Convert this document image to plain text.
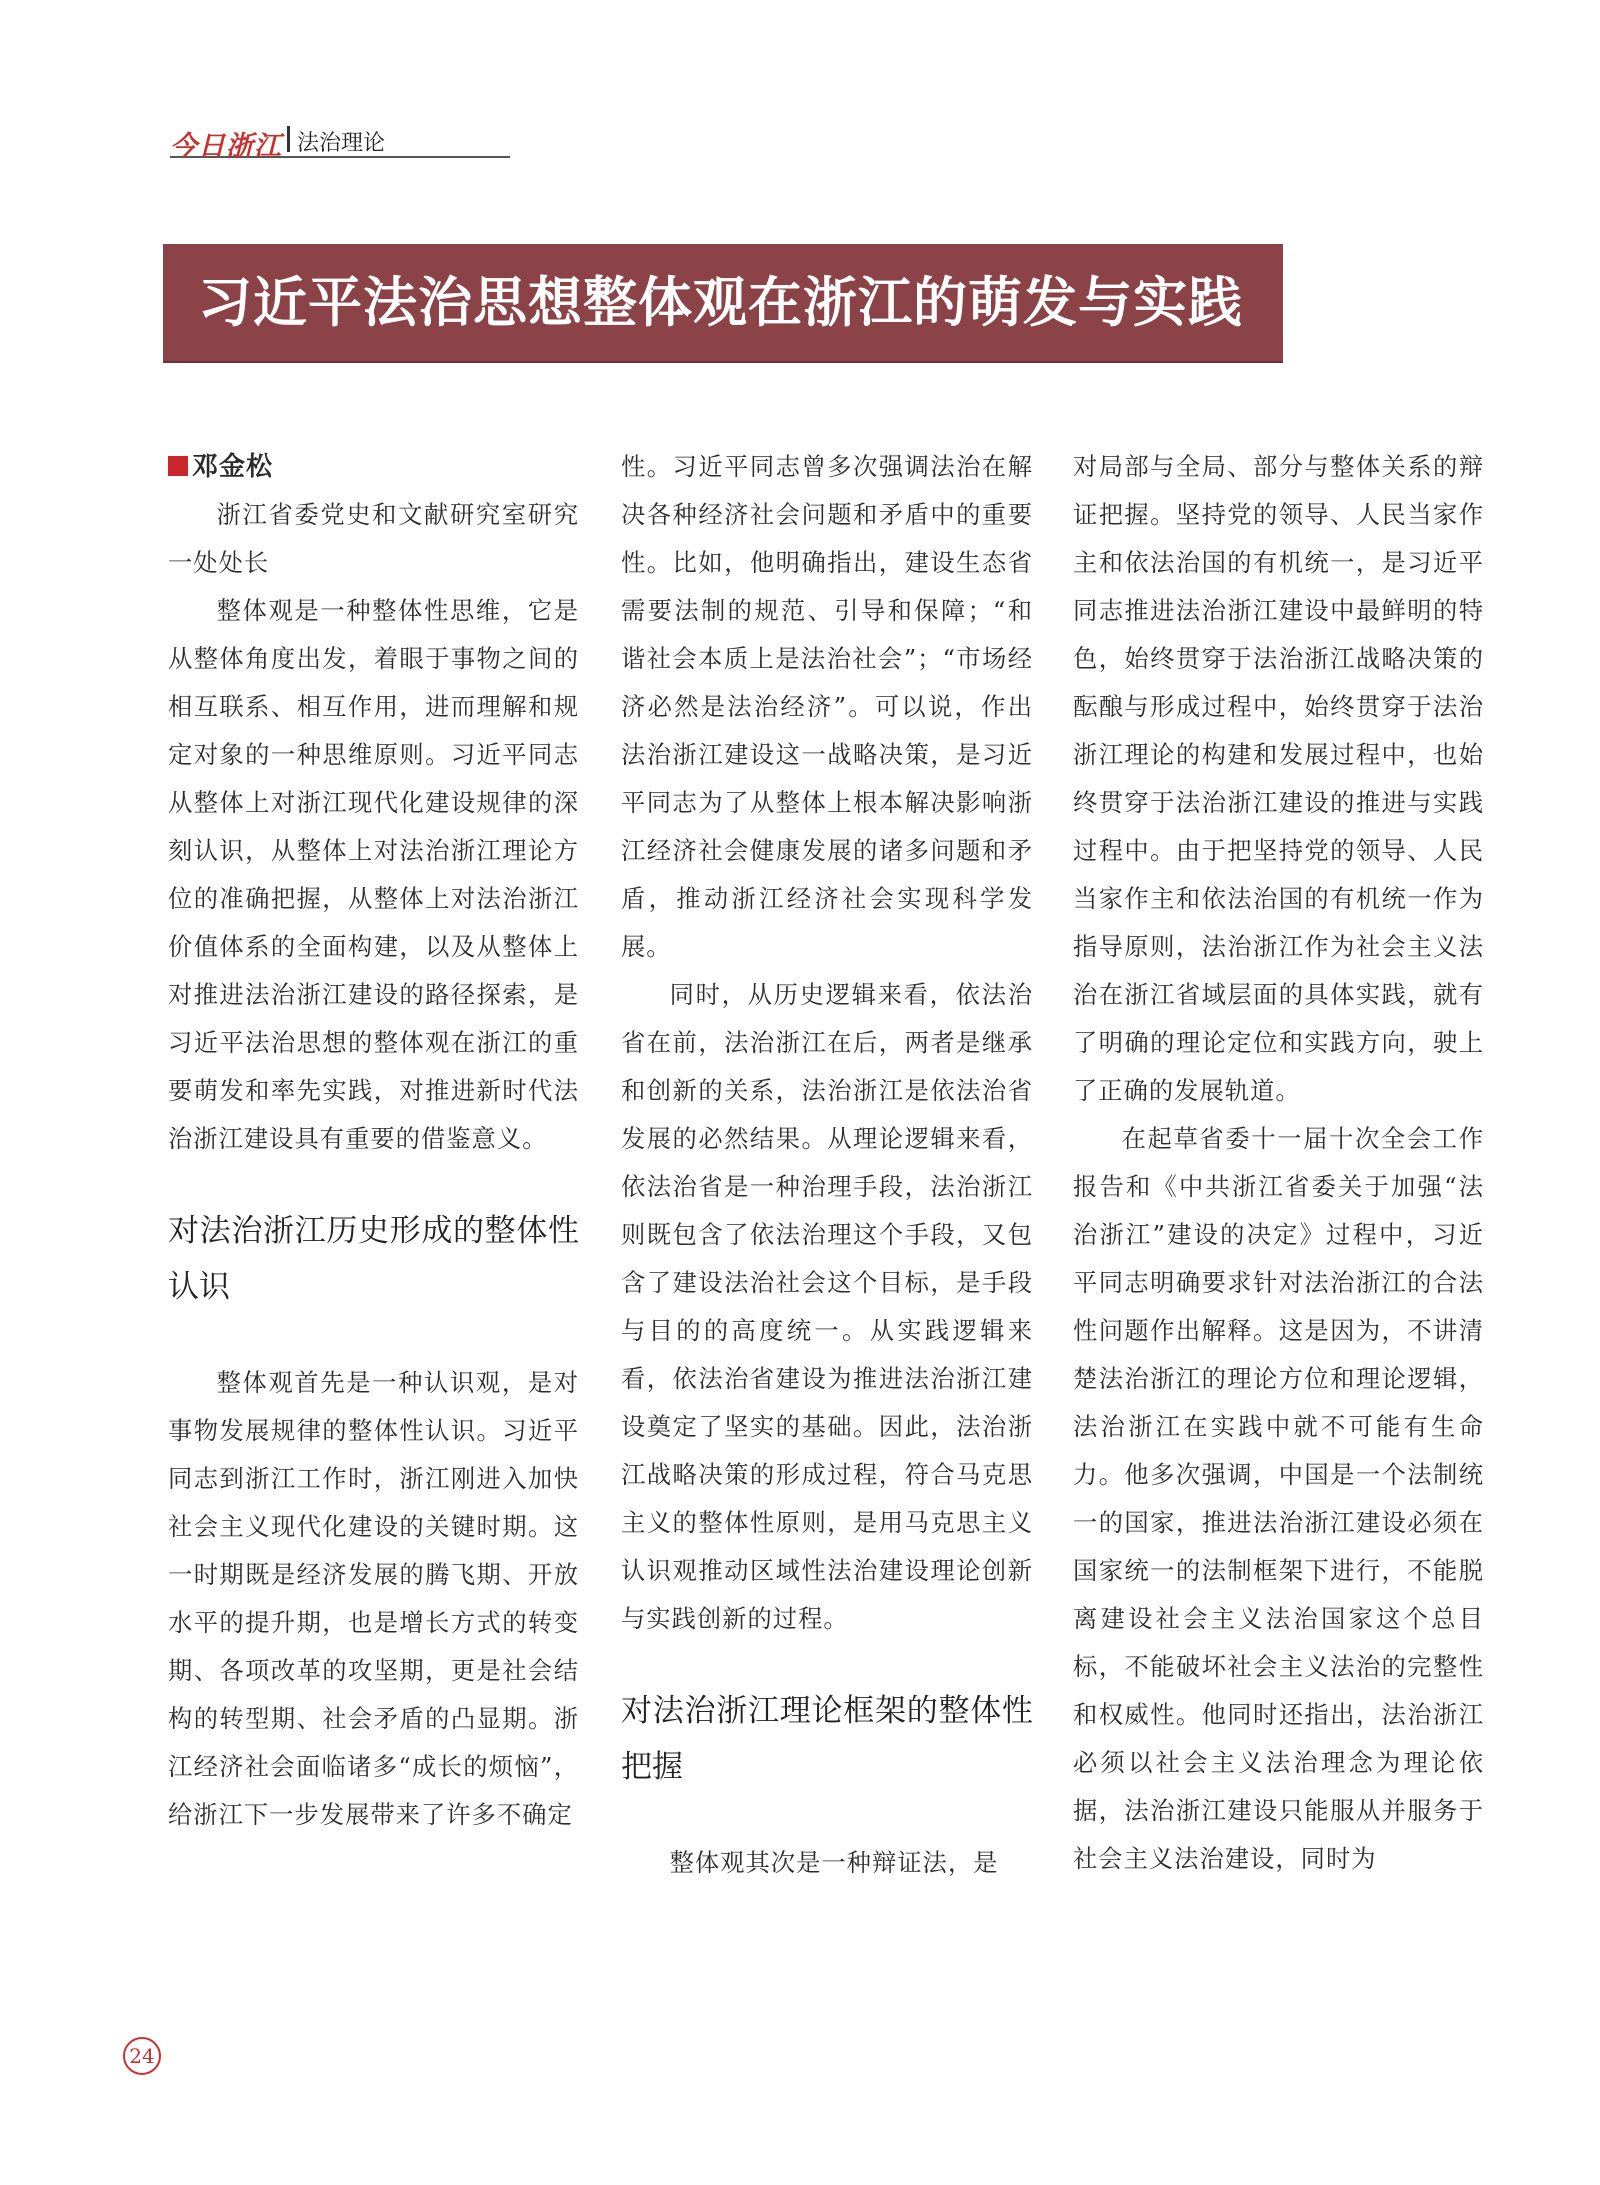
今日浙江 法治理论
习近平法治思想整体观在浙江的萌发与实践
邓金松

浙江省委党史和文献研究室研究一处处长

整体观是一种整体性思维，它是从整体角度出发，着眼于事物之间的相互联系、相互作用，进而理解和规定对象的一种思维原则。习近平同志从整体上对浙江现代化建设规律的深刻认识，从整体上对法治浙江理论方位的准确把握，从整体上对法治浙江价值体系的全面构建，以及从整体上对推进法治浙江建设的路径探索，是习近平法治思想的整体观在浙江的重要萌发和率先实践，对推进新时代法治浙江建设具有重要的借鉴意义。

对法治浙江历史形成的整体性认识

整体观首先是一种认识观，是对事物发展规律的整体性认识。习近平同志到浙江工作时，浙江刚进入加快社会主义现代化建设的关键时期。这一时期既是经济发展的腾飞期、开放水平的提升期，也是增长方式的转变期、各项改革的攻坚期，更是社会结构的转型期、社会矛盾的凸显期。浙江经济社会面临诸多“成长的烦恼”，给浙江下一步发展带来了许多不确定

性。习近平同志曾多次强调法治在解决各种经济社会问题和矛盾中的重要性。比如，他明确指出，建设生态省需要法制的规范、引导和保障；“和谐社会本质上是法治社会”；“市场经济必然是法治经济”。可以说，作出法治浙江建设这一战略决策，是习近平同志为了从整体上根本解决影响浙江经济社会健康发展的诸多问题和矛盾，推动浙江经济社会实现科学发展。

同时，从历史逻辑来看，依法治省在前，法治浙江在后，两者是继承和创新的关系，法治浙江是依法治省发展的必然结果。从理论逻辑来看，依法治省是一种治理手段，法治浙江则既包含了依法治理这个手段，又包含了建设法治社会这个目标，是手段与目的的高度统一。从实践逻辑来看，依法治省建设为推进法治浙江建设奠定了坚实的基础。因此，法治浙江战略决策的形成过程，符合马克思主义的整体性原则，是用马克思主义认识观推动区域性法治建设理论创新与实践创新的过程。

对法治浙江理论框架的整体性把握

整体观其次是一种辩证法，是

对局部与全局、部分与整体关系的辩证把握。坚持党的领导、人民当家作主和依法治国的有机统一，是习近平同志推进法治浙江建设中最鲜明的特色，始终贯穿于法治浙江战略决策的酝酿与形成过程中，始终贯穿于法治浙江理论的构建和发展过程中，也始终贯穿于法治浙江建设的推进与实践过程中。由于把坚持党的领导、人民当家作主和依法治国的有机统一作为指导原则，法治浙江作为社会主义法治在浙江省域层面的具体实践，就有了明确的理论定位和实践方向，驶上了正确的发展轨道。

在起草省委十一届十次全会工作报告和《中共浙江省委关于加强“法治浙江”建设的决定》过程中，习近平同志明确要求针对法治浙江的合法性问题作出解释。这是因为，不讲清楚法治浙江的理论方位和理论逻辑，法治浙江在实践中就不可能有生命力。他多次强调，中国是一个法制统一的国家，推进法治浙江建设必须在国家统一的法制框架下进行，不能脱离建设社会主义法治国家这个总目标，不能破坏社会主义法治的完整性和权威性。他同时还指出，法治浙江必须以社会主义法治理念为理论依据，法治浙江建设只能服从并服务于社会主义法治建设，同时为

24
